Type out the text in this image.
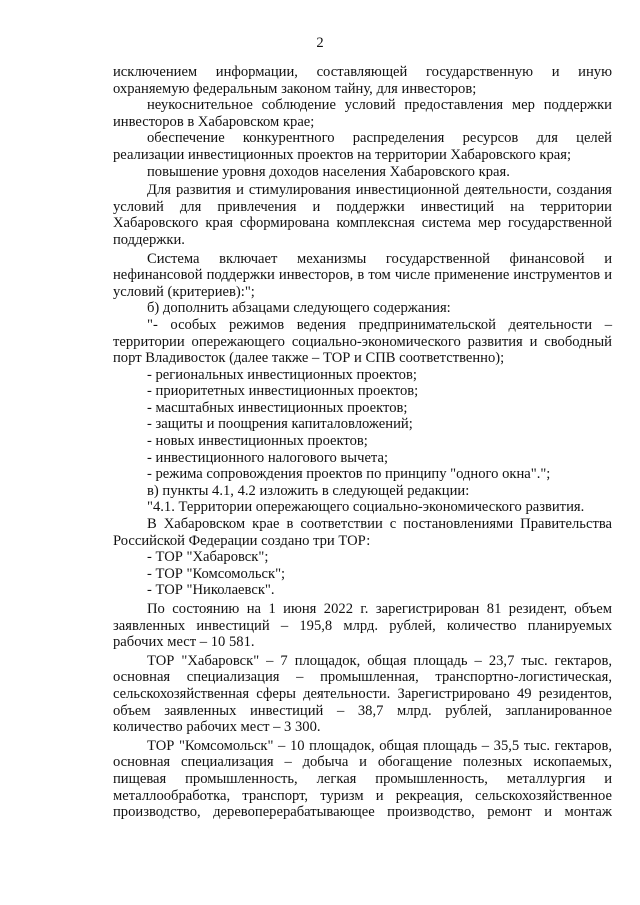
2

исключением информации, составляющей государственную и иную охраняемую федеральным законом тайну, для инвесторов;

неукоснительное соблюдение условий предоставления мер поддержки инвесторов в Хабаровском крае;

обеспечение конкурентного распределения ресурсов для целей реализации инвестиционных проектов на территории Хабаровского края;

повышение уровня доходов населения Хабаровского края.

Для развития и стимулирования инвестиционной деятельности, создания условий для привлечения и поддержки инвестиций на территории Хабаровского края сформирована комплексная система мер государственной поддержки.

Система включает механизмы государственной финансовой и нефинансовой поддержки инвесторов, в том числе применение инструментов и условий (критериев):";

б) дополнить абзацами следующего содержания:

"- особых режимов ведения предпринимательской деятельности – территории опережающего социально-экономического развития и свободный порт Владивосток (далее также – ТОР и СПВ соответственно);

- региональных инвестиционных проектов;

- приоритетных инвестиционных проектов;

- масштабных инвестиционных проектов;

- защиты и поощрения капиталовложений;

- новых инвестиционных проектов;

- инвестиционного налогового вычета;

- режима сопровождения проектов по принципу "одного окна".";

в) пункты 4.1, 4.2 изложить в следующей редакции:

"4.1. Территории опережающего социально-экономического развития.

В Хабаровском крае в соответствии с постановлениями Правительства Российской Федерации создано три ТОР:

- ТОР "Хабаровск";

- ТОР "Комсомольск";

- ТОР "Николаевск".

По состоянию на 1 июня 2022 г. зарегистрирован 81 резидент, объем заявленных инвестиций – 195,8 млрд. рублей, количество планируемых рабочих мест – 10 581.

ТОР "Хабаровск" – 7 площадок, общая площадь – 23,7 тыс. гектаров, основная специализация – промышленная, транспортно-логистическая, сельскохозяйственная сферы деятельности. Зарегистрировано 49 резидентов, объем заявленных инвестиций – 38,7 млрд. рублей, запланированное количество рабочих мест – 3 300.

ТОР "Комсомольск" – 10 площадок, общая площадь – 35,5 тыс. гектаров, основная специализация – добыча и обогащение полезных ископаемых, пищевая промышленность, легкая промышленность, металлургия и металлообработка, транспорт, туризм и рекреация, сельскохозяйственное производство, деревоперерабатывающее производство, ремонт и монтаж
